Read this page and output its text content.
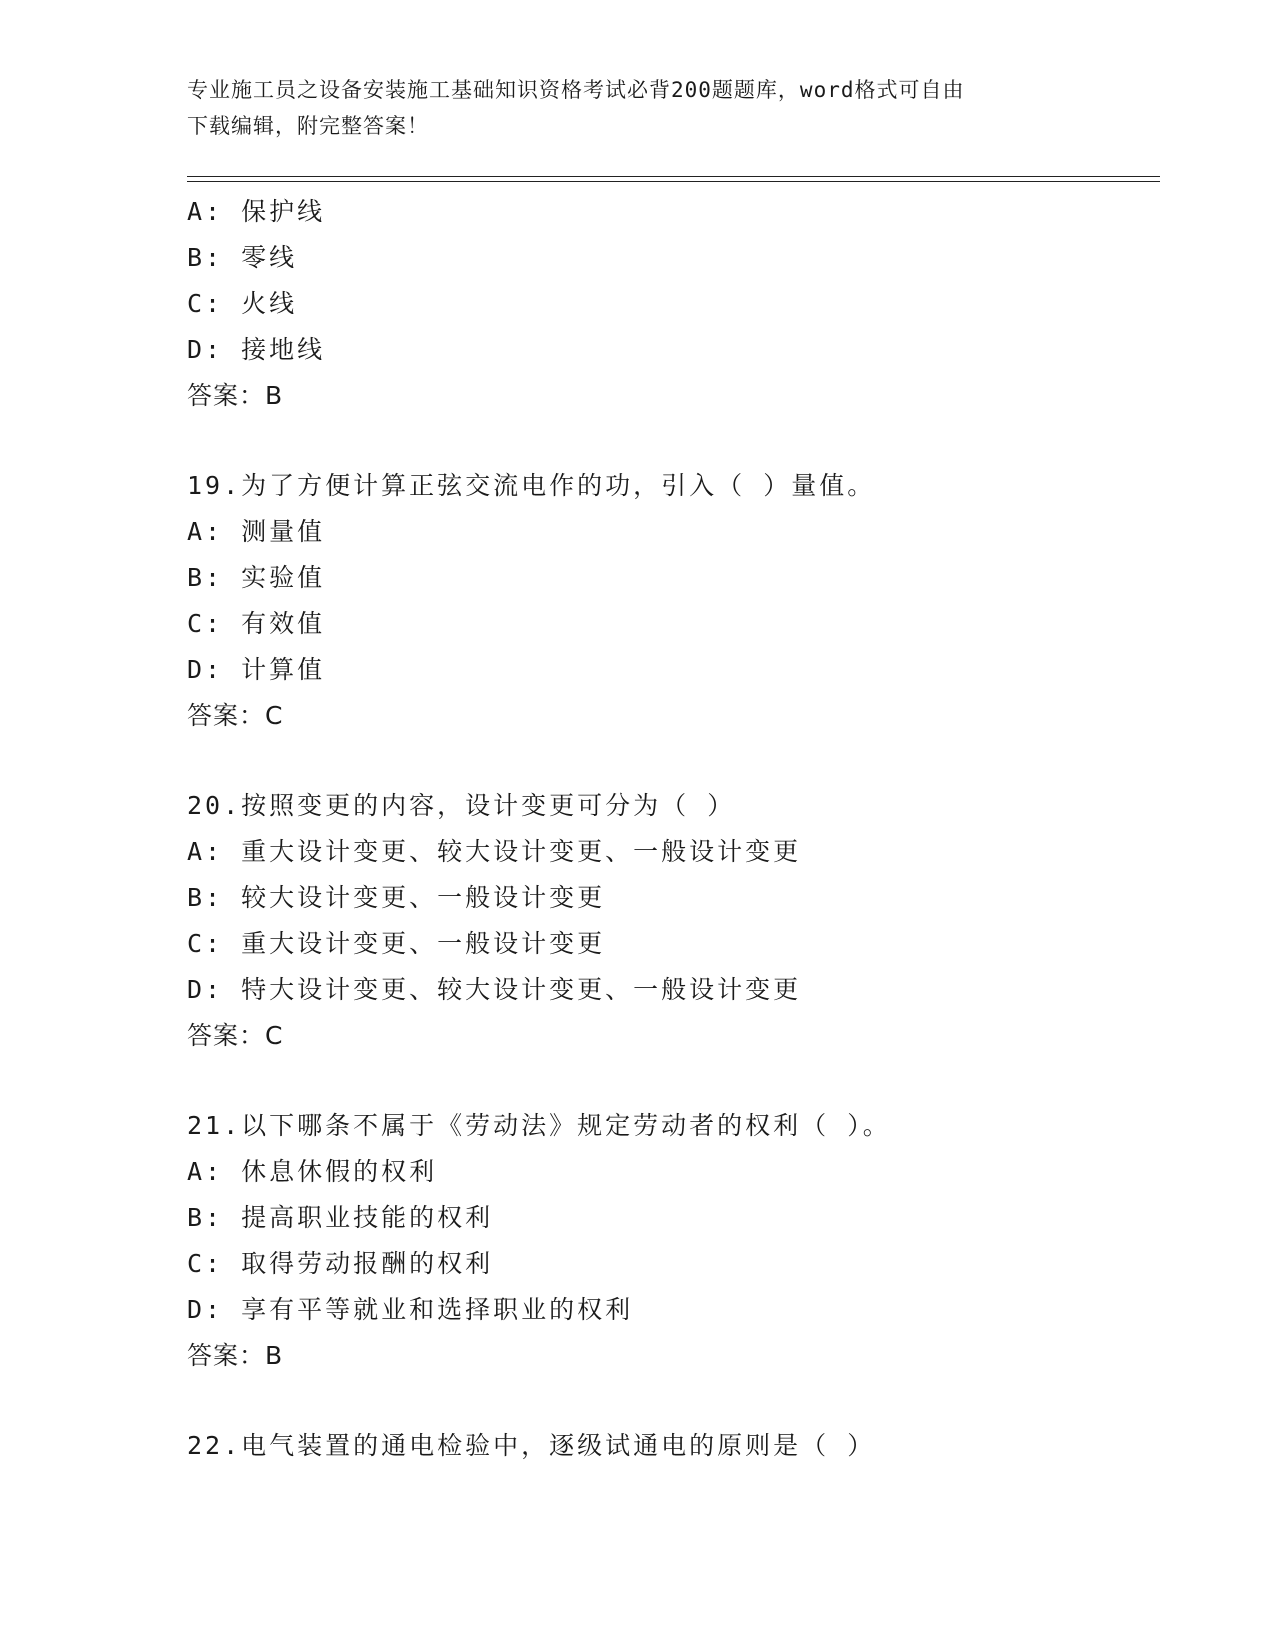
专业施工员之设备安装施工基础知识资格考试必背200题题库，word格式可自由
下载编辑，附完整答案！
A: 保护线
B: 零线
C: 火线
D: 接地线
答案：B
19.为了方便计算正弦交流电作的功，引入（ ）量值。
A: 测量值
B: 实验值
C: 有效值
D: 计算值
答案：C
20.按照变更的内容，设计变更可分为（ ）
A: 重大设计变更、较大设计变更、一般设计变更
B: 较大设计变更、一般设计变更
C: 重大设计变更、一般设计变更
D: 特大设计变更、较大设计变更、一般设计变更
答案：C
21.以下哪条不属于《劳动法》规定劳动者的权利（ ）。
A: 休息休假的权利
B: 提高职业技能的权利
C: 取得劳动报酬的权利
D: 享有平等就业和选择职业的权利
答案：B
22.电气装置的通电检验中，逐级试通电的原则是（ ）
